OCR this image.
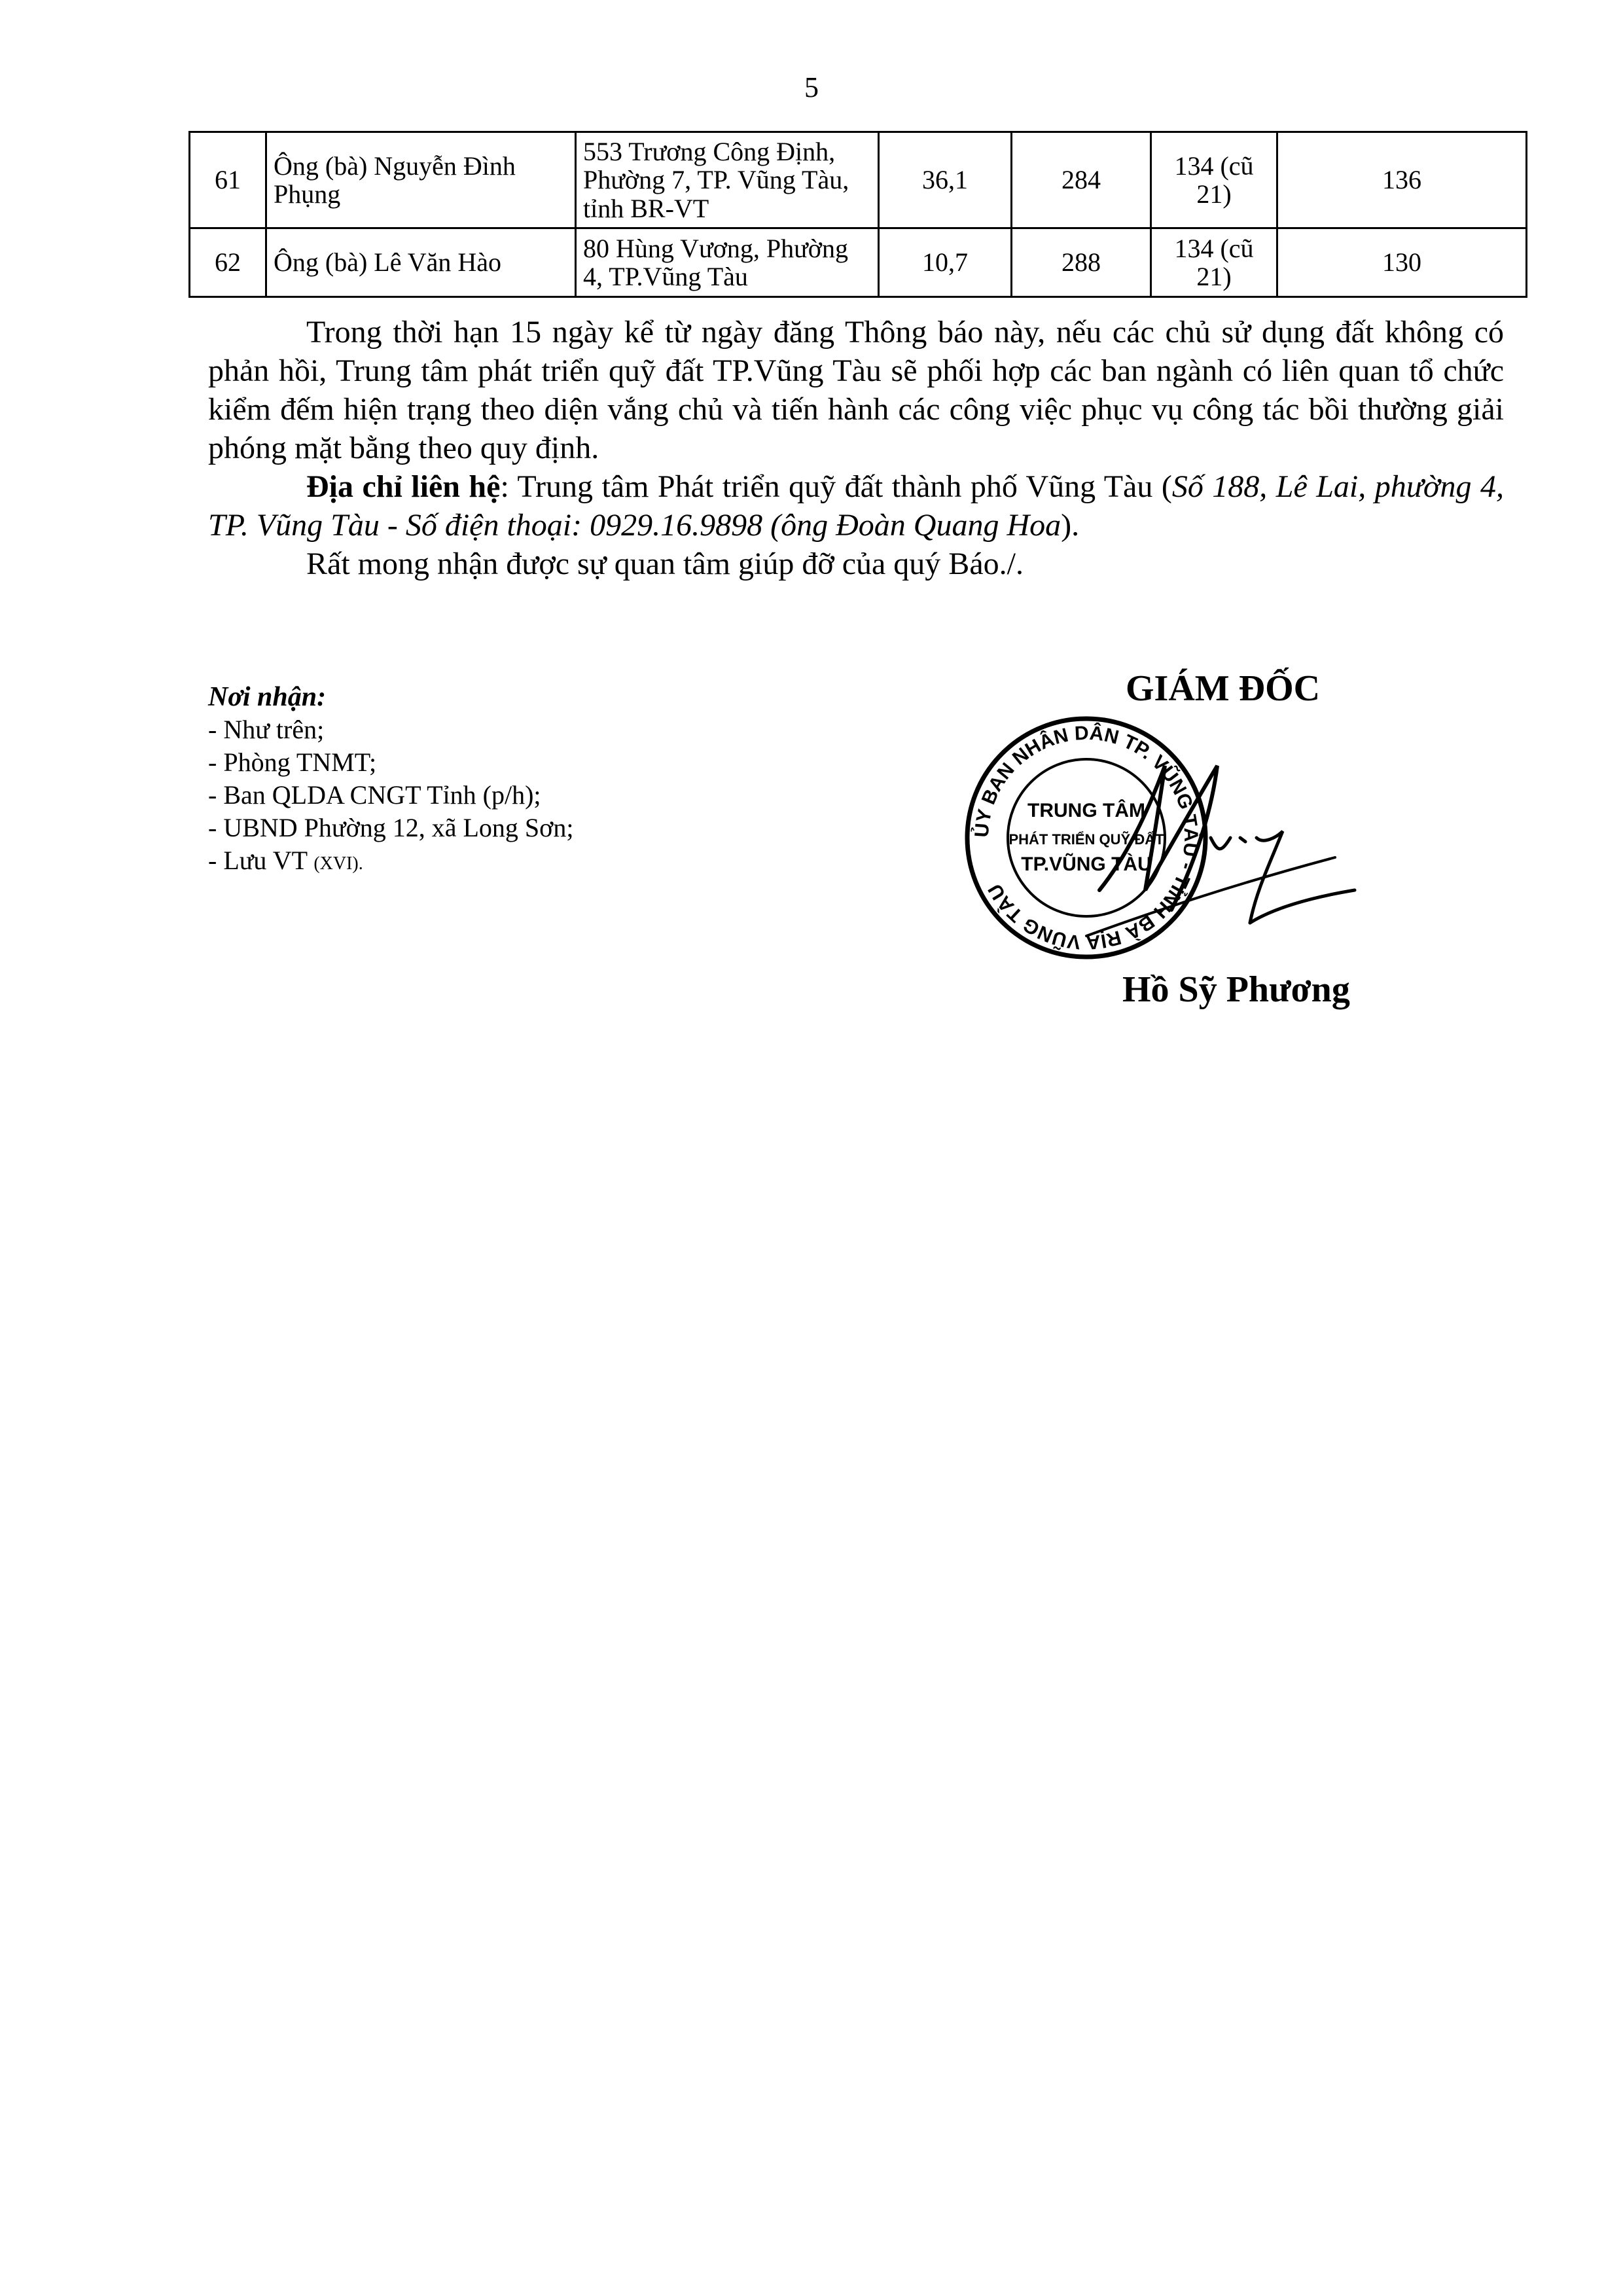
5
61	Ông (bà) Nguyễn Đình Phụng	553 Trương Công Định, Phường 7, TP. Vũng Tàu, tỉnh BR-VT	36,1	284	134 (cũ 21)	136
62	Ông (bà) Lê Văn Hào	80 Hùng Vương, Phường 4, TP.Vũng Tàu	10,7	288	134 (cũ 21)	130

Trong thời hạn 15 ngày kể từ ngày đăng Thông báo này, nếu các chủ sử dụng đất không có phản hồi, Trung tâm phát triển quỹ đất TP.Vũng Tàu sẽ phối hợp các ban ngành có liên quan tổ chức kiểm đếm hiện trạng theo diện vắng chủ và tiến hành các công việc phục vụ công tác bồi thường giải phóng mặt bằng theo quy định.

Địa chỉ liên hệ: Trung tâm Phát triển quỹ đất thành phố Vũng Tàu (Số 188, Lê Lai, phường 4, TP. Vũng Tàu - Số điện thoại: 0929.16.9898 (ông Đoàn Quang Hoa).

Rất mong nhận được sự quan tâm giúp đỡ của quý Báo./.

Nơi nhận:
- Như trên;
- Phòng TNMT;
- Ban QLDA CNGT Tỉnh (p/h);
- UBND Phường 12, xã Long Sơn;
- Lưu VT (XVI).
GIÁM ĐỐC
ỦY BAN NHÂN DÂN TP. VŨNG TÀU - TỈNH BÀ RỊA VŨNG TÀU
TRUNG TÂM
PHÁT TRIỂN QUỸ ĐẤT
TP.VŨNG TÀU
Hồ Sỹ Phương
